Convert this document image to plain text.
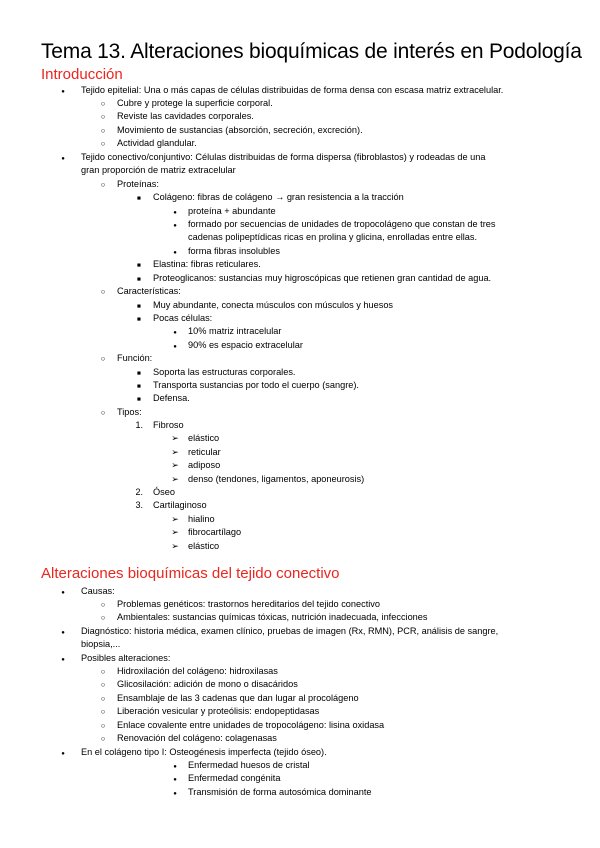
Tema 13. Alteraciones bioquímicas de interés en Podología
Introducción
●
Tejido epitelial: Una o más capas de células distribuidas de forma densa con escasa matriz extracelular.
○
Cubre y protege la superficie corporal.
○
Reviste las cavidades corporales.
○
Movimiento de sustancias (absorción, secreción, excreción).
○
Actividad glandular.
●
Tejido conectivo/conjuntivo: Células distribuidas de forma dispersa (fibroblastos) y rodeadas de una
gran proporción de matriz extracelular
○
Proteínas:
■
Colágeno: fibras de colágeno → gran resistencia a la tracción
●
proteína + abundante
●
formado por secuencias de unidades de tropocolágeno que constan de tres
cadenas polipeptídicas ricas en prolina y glicina, enrolladas entre ellas.
●
forma fibras insolubles
■
Elastina: fibras reticulares.
■
Proteoglicanos: sustancias muy higroscópicas que retienen gran cantidad de agua.
○
Características:
■
Muy abundante, conecta músculos con músculos y huesos
■
Pocas células:
●
10% matriz intracelular
●
90% es espacio extracelular
○
Función:
■
Soporta las estructuras corporales.
■
Transporta sustancias por todo el cuerpo (sangre).
■
Defensa.
○
Tipos:
1. Fibroso
➢
elástico
➢
reticular
➢
adiposo
➢
denso (tendones, ligamentos, aponeurosis)
2. Óseo
3. Cartilaginoso
➢
hialino
➢
fibrocartílago
➢
elástico
Alteraciones bioquímicas del tejido conectivo
●
Causas:
○
Problemas genéticos: trastornos hereditarios del tejido conectivo
○
Ambientales: sustancias químicas tóxicas, nutrición inadecuada, infecciones
●
Diagnóstico: historia médica, examen clínico, pruebas de imagen (Rx, RMN), PCR, análisis de sangre,
biopsia,...
●
Posibles alteraciones:
○
Hidroxilación del colágeno: hidroxilasas
○
Glicosilación: adición de mono o disacáridos
○
Ensamblaje de las 3 cadenas que dan lugar al procolágeno
○
Liberación vesicular y proteólisis: endopeptidasas
○
Enlace covalente entre unidades de tropocolágeno: lisina oxidasa
○
Renovación del colágeno: colagenasas
●
En el colágeno tipo I: Osteogénesis imperfecta (tejido óseo).
●
Enfermedad huesos de cristal
●
Enfermedad congénita
●
Transmisión de forma autosómica dominante
